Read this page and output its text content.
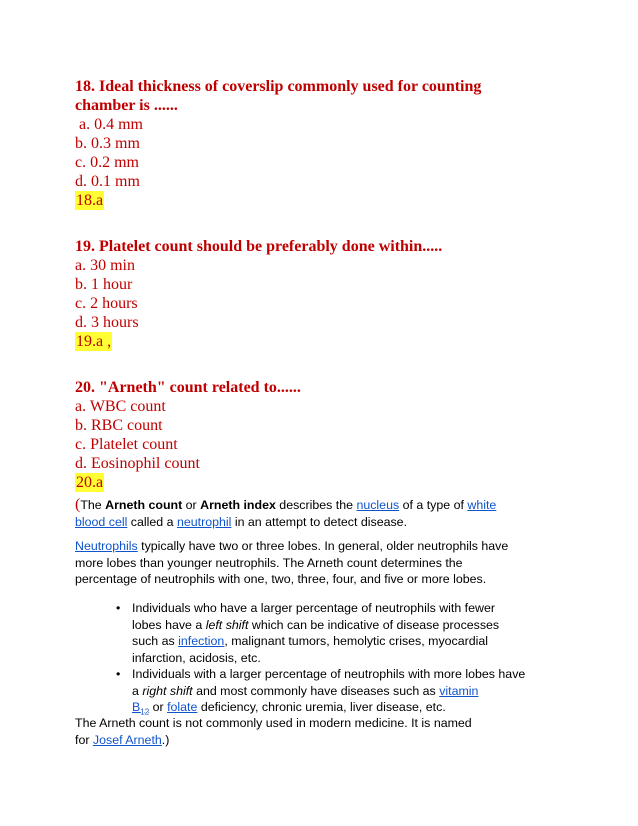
18. Ideal thickness of coverslip commonly used for counting
chamber is ......
a. 0.4 mm
b. 0.3 mm
c. 0.2 mm
d. 0.1 mm
18.a
19. Platelet count should be preferably done within.....
a. 30 min
b. 1 hour
c. 2 hours
d. 3 hours
19.a ,
20. "Arneth" count related to......
a. WBC count
b. RBC count
c. Platelet count
d. Eosinophil count
20.a
(The Arneth count or Arneth index describes the nucleus of a type of white
blood cell called a neutrophil in an attempt to detect disease.
Neutrophils typically have two or three lobes. In general, older neutrophils have
more lobes than younger neutrophils. The Arneth count determines the
percentage of neutrophils with one, two, three, four, and five or more lobes.
• Individuals who have a larger percentage of neutrophils with fewer
lobes have a left shift which can be indicative of disease processes
such as infection, malignant tumors, hemolytic crises, myocardial
infarction, acidosis, etc.
• Individuals with a larger percentage of neutrophils with more lobes have
a right shift and most commonly have diseases such as vitamin
$B_{12}$ or folate deficiency, chronic uremia, liver disease, etc.
The Arneth count is not commonly used in modern medicine. It is named
for Josef Arneth.)
